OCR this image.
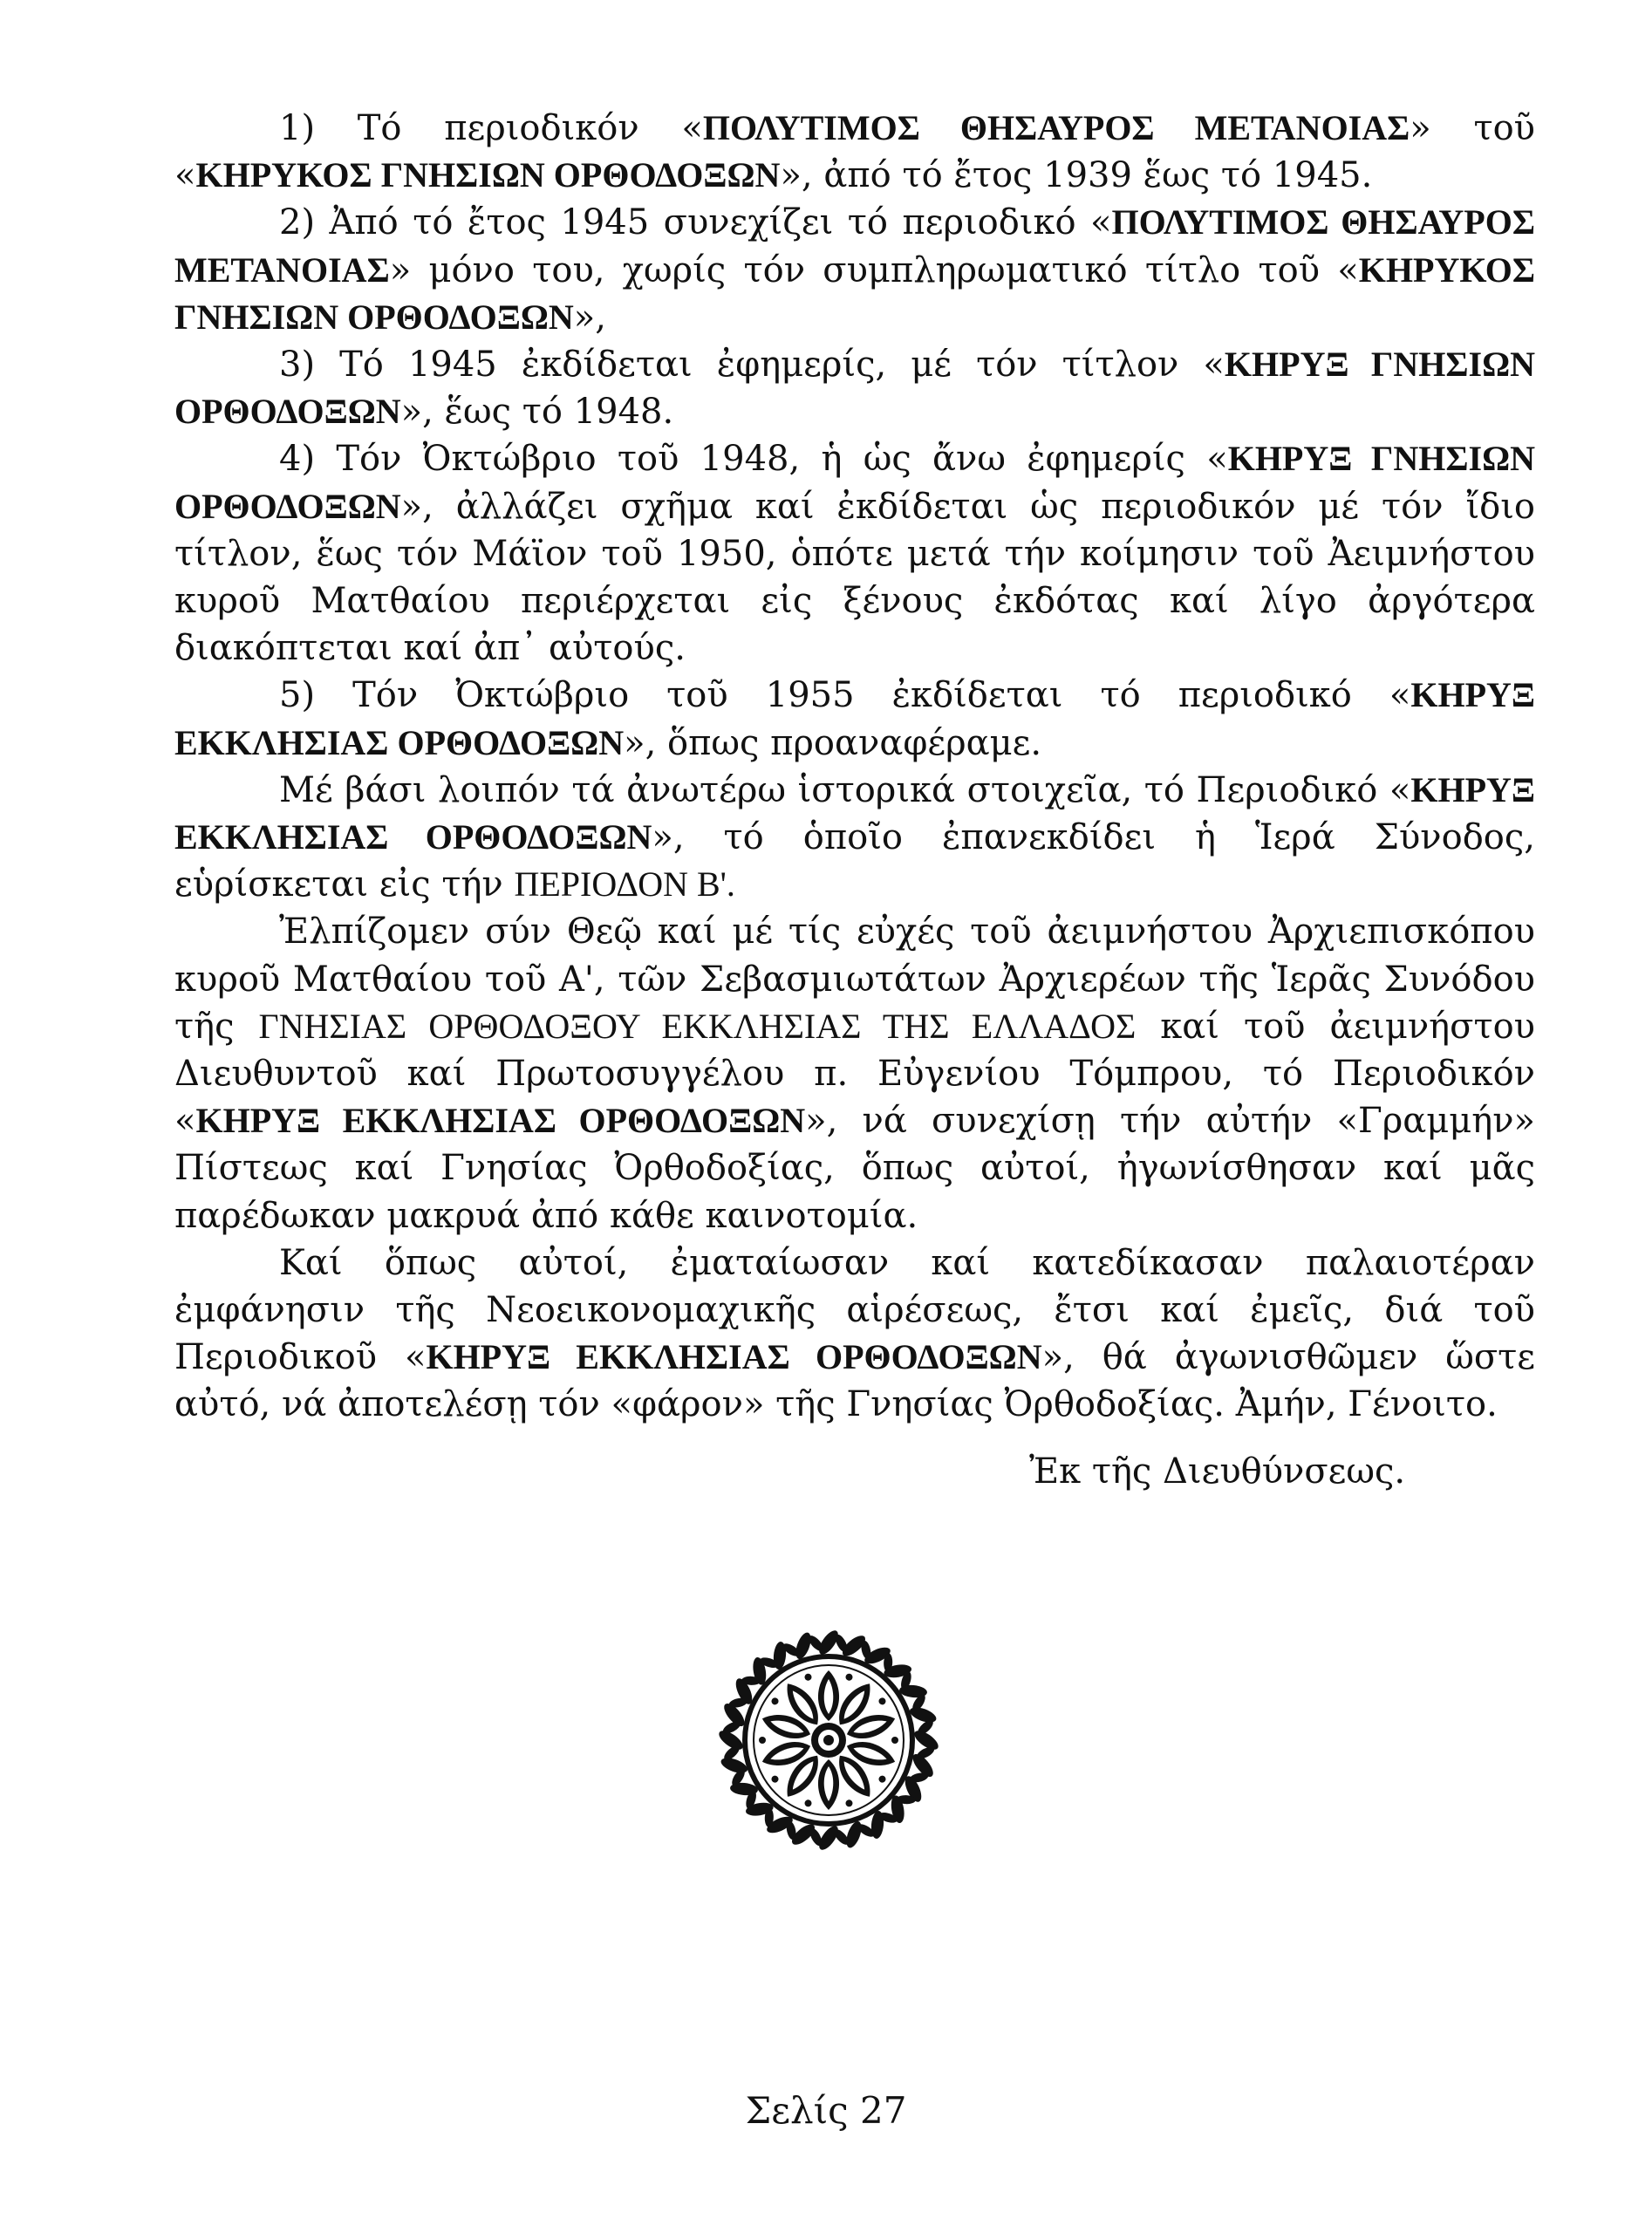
1) Τό περιοδικόν «ΠΟΛΥΤΙΜΟΣ ΘΗΣΑΥΡΟΣ ΜΕΤΑΝΟΙΑΣ» τοῦ «ΚΗΡΥΚΟΣ ΓΝΗΣΙΩΝ ΟΡΘΟΔΟΞΩΝ», ἀπό τό ἔτος 1939 ἕως τό 1945.

2) Ἀπό τό ἔτος 1945 συνεχίζει τό περιοδικό «ΠΟΛΥΤΙΜΟΣ ΘΗΣΑΥΡΟΣ ΜΕΤΑΝΟΙΑΣ» μόνο του, χωρίς τόν συμπληρωματικό τίτλο τοῦ «ΚΗΡΥΚΟΣ ΓΝΗΣΙΩΝ ΟΡΘΟΔΟΞΩΝ»,

3) Τό 1945 ἐκδίδεται ἐφημερίς, μέ τόν τίτλον «ΚΗΡΥΞ ΓΝΗΣΙΩΝ ΟΡΘΟΔΟΞΩΝ», ἕως τό 1948.

4) Τόν Ὀκτώβριο τοῦ 1948, ἡ ὡς ἄνω ἐφημερίς «ΚΗΡΥΞ ΓΝΗΣΙΩΝ ΟΡΘΟΔΟΞΩΝ», ἀλλάζει σχῆμα καί ἐκδίδεται ὡς περιοδικόν μέ τόν ἴδιο τίτλον, ἕως τόν Μάϊον τοῦ 1950, ὁπότε μετά τήν κοίμησιν τοῦ Ἀειμνήστου κυροῦ Ματθαίου περιέρχεται εἰς ξένους ἐκδότας καί λίγο ἀργότερα διακόπτεται καί ἀπ᾽ αὐτούς.

5) Τόν Ὀκτώβριο τοῦ 1955 ἐκδίδεται τό περιοδικό «ΚΗΡΥΞ ΕΚΚΛΗΣΙΑΣ ΟΡΘΟΔΟΞΩΝ», ὅπως προαναφέραμε.

Μέ βάσι λοιπόν τά ἀνωτέρω ἱστορικά στοιχεῖα, τό Περιοδικό «ΚΗΡΥΞ ΕΚΚΛΗΣΙΑΣ ΟΡΘΟΔΟΞΩΝ», τό ὁποῖο ἐπανεκδίδει ἡ Ἱερά Σύνοδος, εὑρίσκεται εἰς τήν ΠΕΡΙΟΔΟΝ Β'.

Ἐλπίζομεν σύν Θεῷ καί μέ τίς εὐχές τοῦ ἀειμνήστου Ἀρχιεπισκόπου κυροῦ Ματθαίου τοῦ Α', τῶν Σεβασμιωτάτων Ἀρχιερέων τῆς Ἱερᾶς Συνόδου τῆς ΓΝΗΣΙΑΣ ΟΡΘΟΔΟΞΟΥ ΕΚΚΛΗΣΙΑΣ ΤΗΣ ΕΛΛΑΔΟΣ καί τοῦ ἀειμνήστου Διευθυντοῦ καί Πρωτοσυγγέλου π. Εὐγενίου Τόμπρου, τό Περιοδικόν «ΚΗΡΥΞ ΕΚΚΛΗΣΙΑΣ ΟΡΘΟΔΟΞΩΝ», νά συνεχίσῃ τήν αὐτήν «Γραμμήν» Πίστεως καί Γνησίας Ὀρθοδοξίας, ὅπως αὐτοί, ἠγωνίσθησαν καί μᾶς παρέδωκαν μακρυά ἀπό κάθε καινοτομία.

Καί ὅπως αὐτοί, ἐματαίωσαν καί κατεδίκασαν παλαιοτέραν ἐμφάνησιν τῆς Νεοεικονομαχικῆς αἱρέσεως, ἔτσι καί ἐμεῖς, διά τοῦ Περιοδικοῦ «ΚΗΡΥΞ ΕΚΚΛΗΣΙΑΣ ΟΡΘΟΔΟΞΩΝ», θά ἀγωνισθῶμεν ὥστε αὐτό, νά ἀποτελέσῃ τόν «φάρον» τῆς Γνησίας Ὀρθοδοξίας. Ἀμήν, Γένοιτο.

Ἐκ τῆς Διευθύνσεως.
Σελίς 27
